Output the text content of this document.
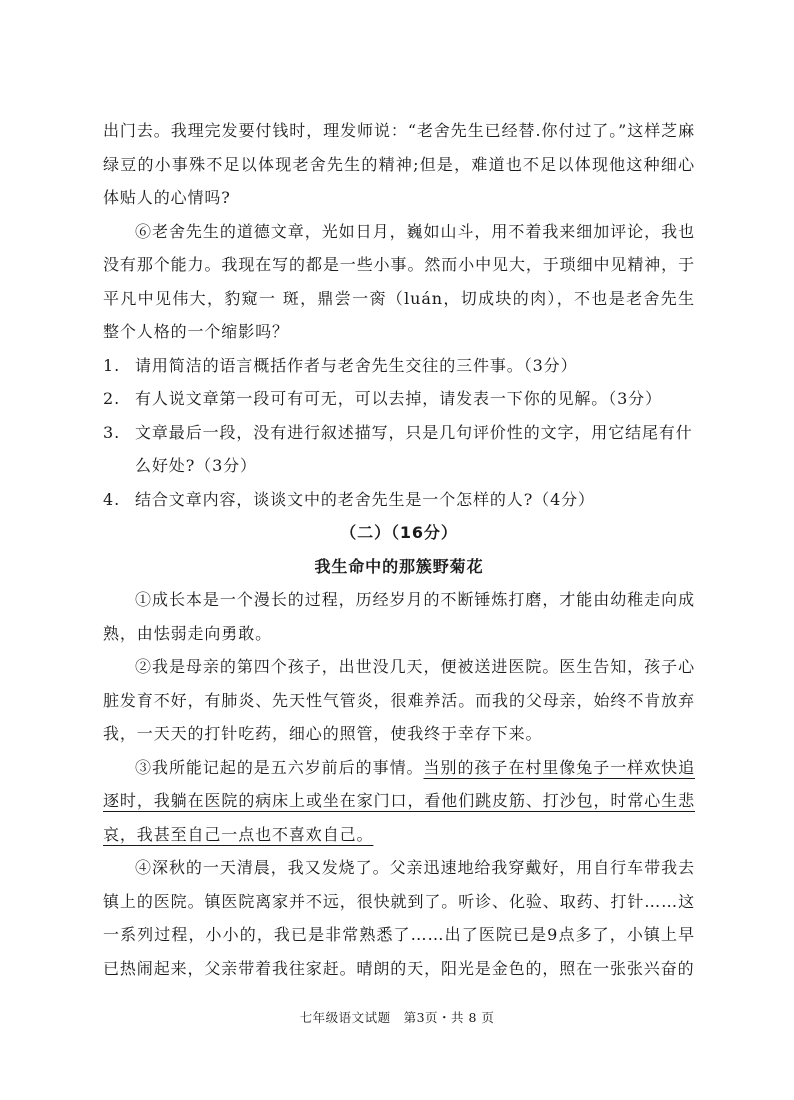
出门去。我理完发要付钱时，理发师说：“老舍先生已经替.你付过了。”这样芝麻绿豆的小事殊不足以体现老舍先生的精神;但是，难道也不足以体现他这种细心体贴人的心情吗?

⑥老舍先生的道德文章，光如日月，巍如山斗，用不着我来细加评论，我也没有那个能力。我现在写的都是一些小事。然而小中见大，于琐细中见精神，于平凡中见伟大，豹窥一 斑，鼎尝一脔（luán，切成块的肉），不也是老舍先生整个人格的一个缩影吗？

1. 请用简洁的语言概括作者与老舍先生交往的三件事。（3分）

2. 有人说文章第一段可有可无，可以去掉，请发表一下你的见解。（3分）

3. 文章最后一段，没有进行叙述描写，只是几句评价性的文字，用它结尾有什么好处?（3分）

4. 结合文章内容，谈谈文中的老舍先生是一个怎样的人?（4分）

（二）（16分）

我生命中的那簇野菊花

①成长本是一个漫长的过程，历经岁月的不断锤炼打磨，才能由幼稚走向成熟，由怯弱走向勇敢。

②我是母亲的第四个孩子，出世没几天，便被送进医院。医生告知，孩子心脏发育不好，有肺炎、先天性气管炎，很难养活。而我的父母亲，始终不肯放弃我，一天天的打针吃药，细心的照管，使我终于幸存下来。

③我所能记起的是五六岁前后的事情。当别的孩子在村里像兔子一样欢快追逐时，我躺在医院的病床上或坐在家门口，看他们跳皮筋、打沙包，时常心生悲哀，我甚至自己一点也不喜欢自己。

④深秋的一天清晨，我又发烧了。父亲迅速地给我穿戴好，用自行车带我去镇上的医院。镇医院离家并不远，很快就到了。听诊、化验、取药、打针……这一系列过程，小小的，我已是非常熟悉了……出了医院已是9点多了，小镇上早已热闹起来，父亲带着我往家赶。晴朗的天，阳光是金色的，照在一张张兴奋的

七年级语文试题　第3页・共 8 页
